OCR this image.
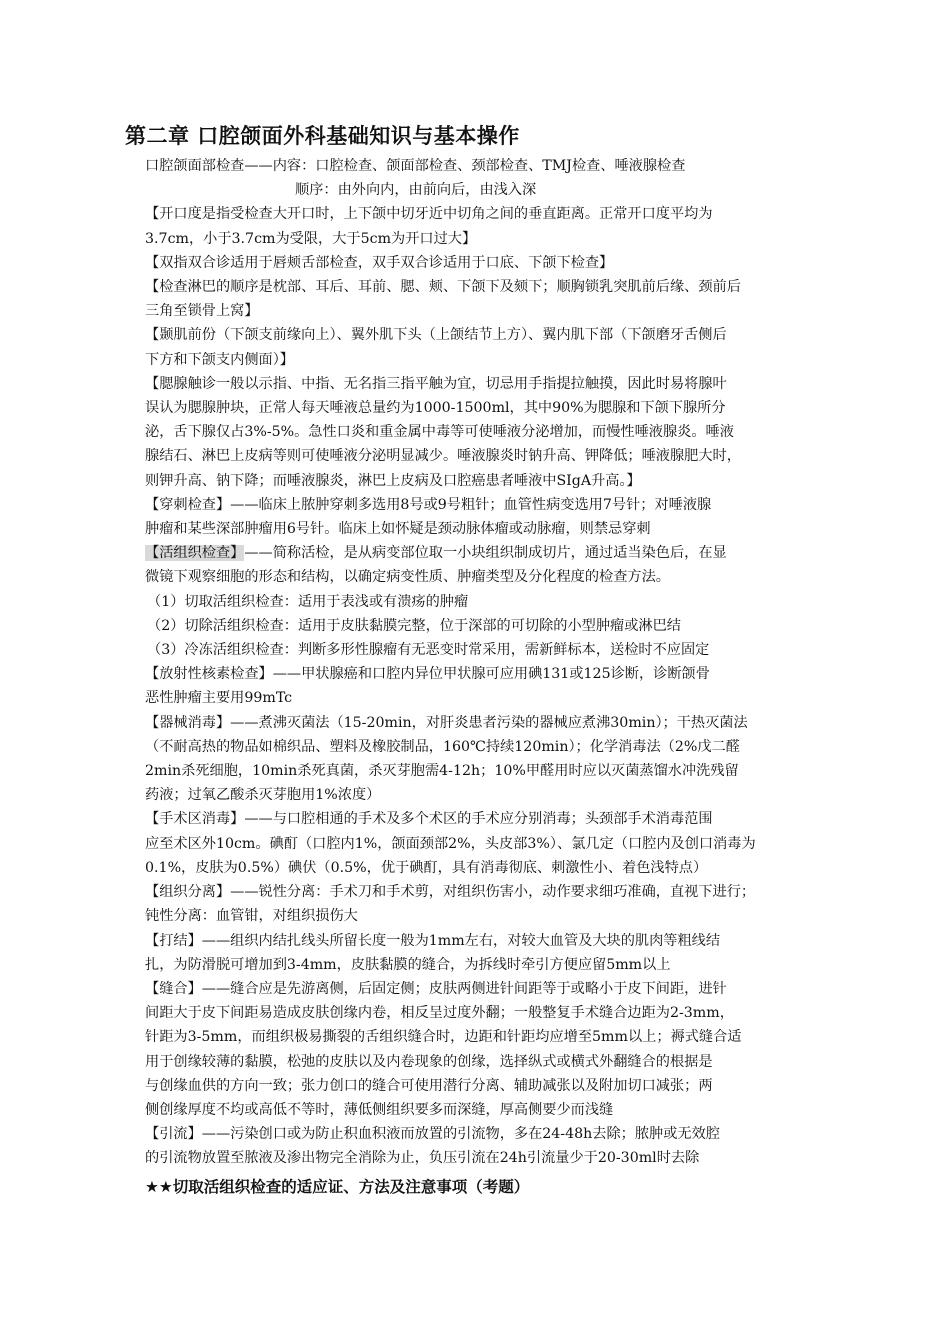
第二章 口腔颌面外科基础知识与基本操作
口腔颌面部检查——内容：口腔检查、颌面部检查、颈部检查、TMJ检查、唾液腺检查
顺序：由外向内，由前向后，由浅入深
【开口度是指受检查大开口时，上下颌中切牙近中切角之间的垂直距离。正常开口度平均为
3.7cm，小于3.7cm为受限，大于5cm为开口过大】
【双指双合诊适用于唇颊舌部检查，双手双合诊适用于口底、下颌下检查】
【检查淋巴的顺序是枕部、耳后、耳前、腮、颊、下颌下及颏下；顺胸锁乳突肌前后缘、颈前后
三角至锁骨上窝】
【颞肌前份（下颌支前缘向上）、翼外肌下头（上颌结节上方）、翼内肌下部（下颌磨牙舌侧后
下方和下颌支内侧面）】
【腮腺触诊一般以示指、中指、无名指三指平触为宜，切忌用手指提拉触摸，因此时易将腺叶
误认为腮腺肿块，正常人每天唾液总量约为1000-1500ml，其中90%为腮腺和下颌下腺所分
泌，舌下腺仅占3%-5%。急性口炎和重金属中毒等可使唾液分泌增加，而慢性唾液腺炎。唾液
腺结石、淋巴上皮病等则可使唾液分泌明显减少。唾液腺炎时钠升高、钾降低；唾液腺肥大时，
则钾升高、钠下降；而唾液腺炎，淋巴上皮病及口腔癌患者唾液中SIgA升高。】
【穿刺检查】——临床上脓肿穿刺多选用8号或9号粗针；血管性病变选用7号针；对唾液腺
肿瘤和某些深部肿瘤用6号针。临床上如怀疑是颈动脉体瘤或动脉瘤，则禁忌穿刺
【活组织检查】——简称活检，是从病变部位取一小块组织制成切片，通过适当染色后，在显
微镜下观察细胞的形态和结构，以确定病变性质、肿瘤类型及分化程度的检查方法。
（1）切取活组织检查：适用于表浅或有溃疡的肿瘤
（2）切除活组织检查：适用于皮肤黏膜完整，位于深部的可切除的小型肿瘤或淋巴结
（3）冷冻活组织检查：判断多形性腺瘤有无恶变时常采用，需新鲜标本，送检时不应固定
【放射性核素检查】——甲状腺癌和口腔内异位甲状腺可应用碘131或125诊断，诊断颌骨
恶性肿瘤主要用99mTc
【器械消毒】——煮沸灭菌法（15-20min，对肝炎患者污染的器械应煮沸30min）；干热灭菌法
（不耐高热的物品如棉织品、塑料及橡胶制品，160℃持续120min）；化学消毒法（2%戊二醛
2min杀死细胞，10min杀死真菌，杀灭芽胞需4-12h；10%甲醛用时应以灭菌蒸馏水冲洗残留
药液；过氧乙酸杀灭芽胞用1%浓度）
【手术区消毒】——与口腔相通的手术及多个术区的手术应分别消毒；头颈部手术消毒范围
应至术区外10cm。碘酊（口腔内1%，颌面颈部2%，头皮部3%）、氯几定（口腔内及创口消毒为
0.1%，皮肤为0.5%）碘伏（0.5%，优于碘酊，具有消毒彻底、刺激性小、着色浅特点）
【组织分离】——锐性分离：手术刀和手术剪，对组织伤害小，动作要求细巧准确，直视下进行；
钝性分离：血管钳，对组织损伤大
【打结】——组织内结扎线头所留长度一般为1mm左右，对较大血管及大块的肌肉等粗线结
扎，为防滑脱可增加到3-4mm，皮肤黏膜的缝合，为拆线时牵引方便应留5mm以上
【缝合】——缝合应是先游离侧，后固定侧；皮肤两侧进针间距等于或略小于皮下间距，进针
间距大于皮下间距易造成皮肤创缘内卷，相反呈过度外翻；一般整复手术缝合边距为2-3mm，
针距为3-5mm，而组织极易撕裂的舌组织缝合时，边距和针距均应增至5mm以上；褥式缝合适
用于创缘较薄的黏膜，松弛的皮肤以及内卷现象的创缘，选择纵式或横式外翻缝合的根据是
与创缘血供的方向一致；张力创口的缝合可使用潜行分离、辅助减张以及附加切口减张；两
侧创缘厚度不均或高低不等时，薄低侧组织要多而深缝，厚高侧要少而浅缝
【引流】——污染创口或为防止积血积液而放置的引流物，多在24-48h去除；脓肿或无效腔
的引流物放置至脓液及渗出物完全消除为止，负压引流在24h引流量少于20-30ml时去除
★★切取活组织检查的适应证、方法及注意事项（考题）
